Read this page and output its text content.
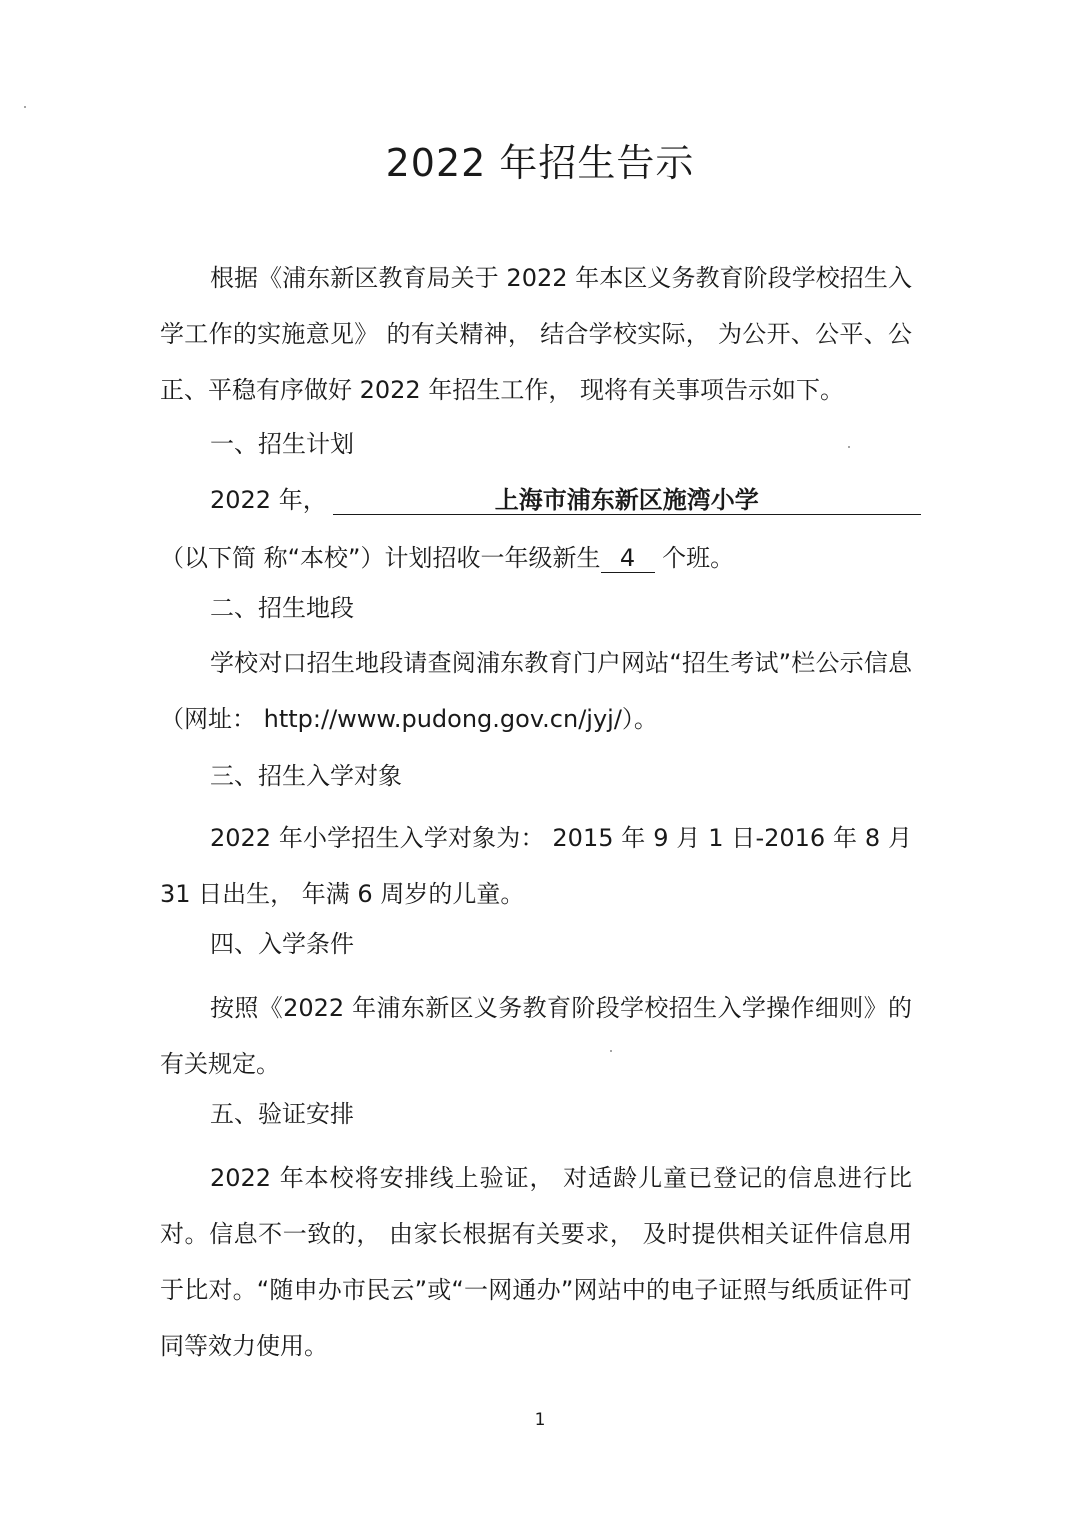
2022 年招生告示

根据《浦东新区教育局关于 2022 年本区义务教育阶段学校招生入学工作的实施意见》 的有关精神， 结合学校实际， 为公开、公平、公正、平稳有序做好 2022 年招生工作， 现将有关事项告示如下。

一、招生计划
2022 年，	上海市浦东新区施湾小学
（以下简 称“本校”）计划招收一年级新生 4 个班。
二、招生地段

学校对口招生地段请查阅浦东教育门户网站“招生考试”栏公示信息（网址： http://www.pudong.gov.cn/jyj/）。

三、招生入学对象

2022 年小学招生入学对象为： 2015 年 9 月 1 日-2016 年 8 月 31 日出生， 年满 6 周岁的儿童。

四、入学条件

按照《2022 年浦东新区义务教育阶段学校招生入学操作细则》的有关规定。

五、验证安排

2022 年本校将安排线上验证， 对适龄儿童已登记的信息进行比对。信息不一致的， 由家长根据有关要求， 及时提供相关证件信息用于比对。“随申办市民云”或“一网通办”网站中的电子证照与纸质证件可同等效力使用。

1
